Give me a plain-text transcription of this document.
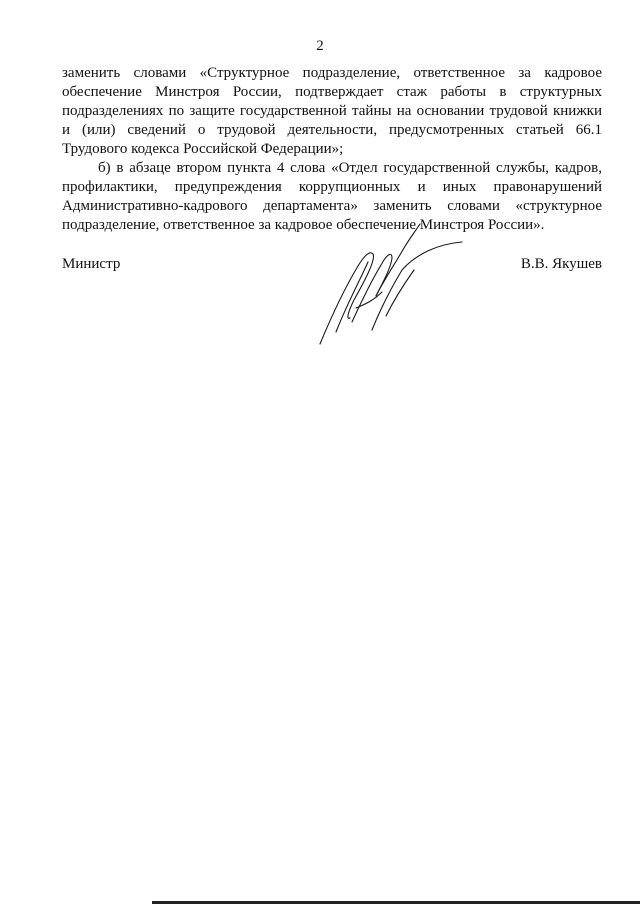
2

заменить словами «Структурное подразделение, ответственное за кадровое обеспечение Минстроя России, подтверждает стаж работы в структурных подразделениях по защите государственной тайны на основании трудовой книжки и (или) сведений о трудовой деятельности, предусмотренных статьей 66.1 Трудового кодекса Российской Федерации»;

б) в абзаце втором пункта 4 слова «Отдел государственной службы, кадров, профилактики, предупреждения коррупционных и иных правонарушений Административно-кадрового департамента» заменить словами «структурное подразделение, ответственное за кадровое обеспечение Минстроя России».

Министр	В.В. Якушев
